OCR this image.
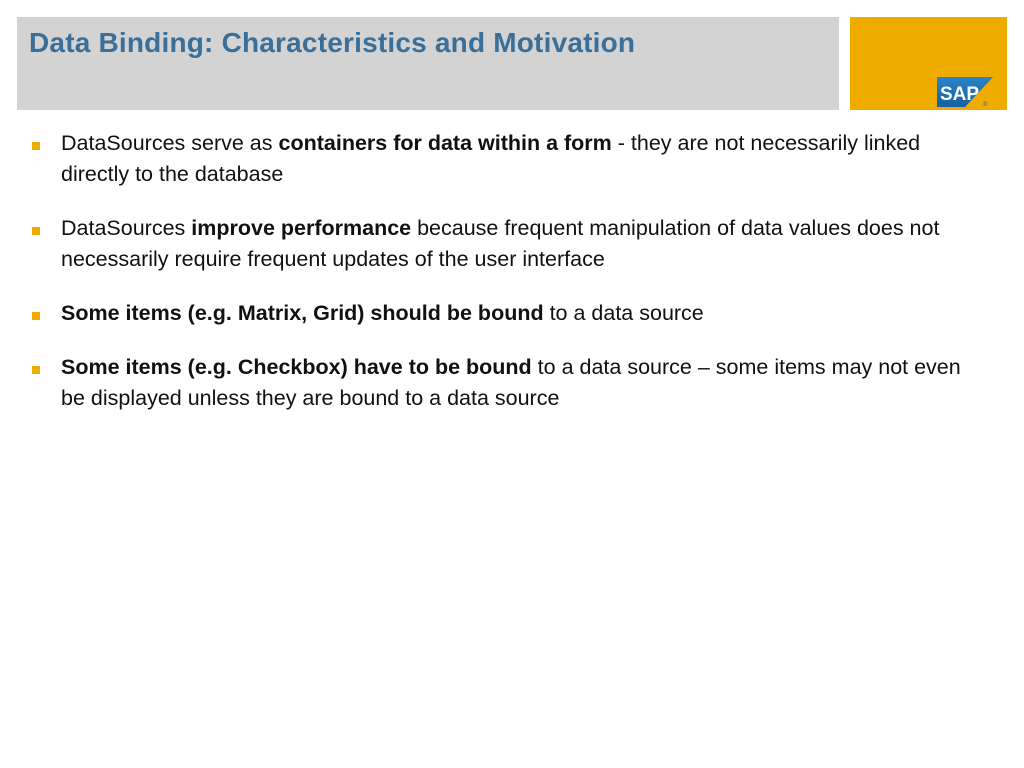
Data Binding: Characteristics and Motivation
SAP ®
DataSources serve as containers for data within a form - they are not necessarily linked directly to the database
DataSources improve performance because frequent manipulation of data values does not necessarily require frequent updates of the user interface
Some items (e.g. Matrix, Grid) should be bound to a data source
Some items (e.g. Checkbox) have to be bound to a data source – some items may not even be displayed unless they are bound to a data source
